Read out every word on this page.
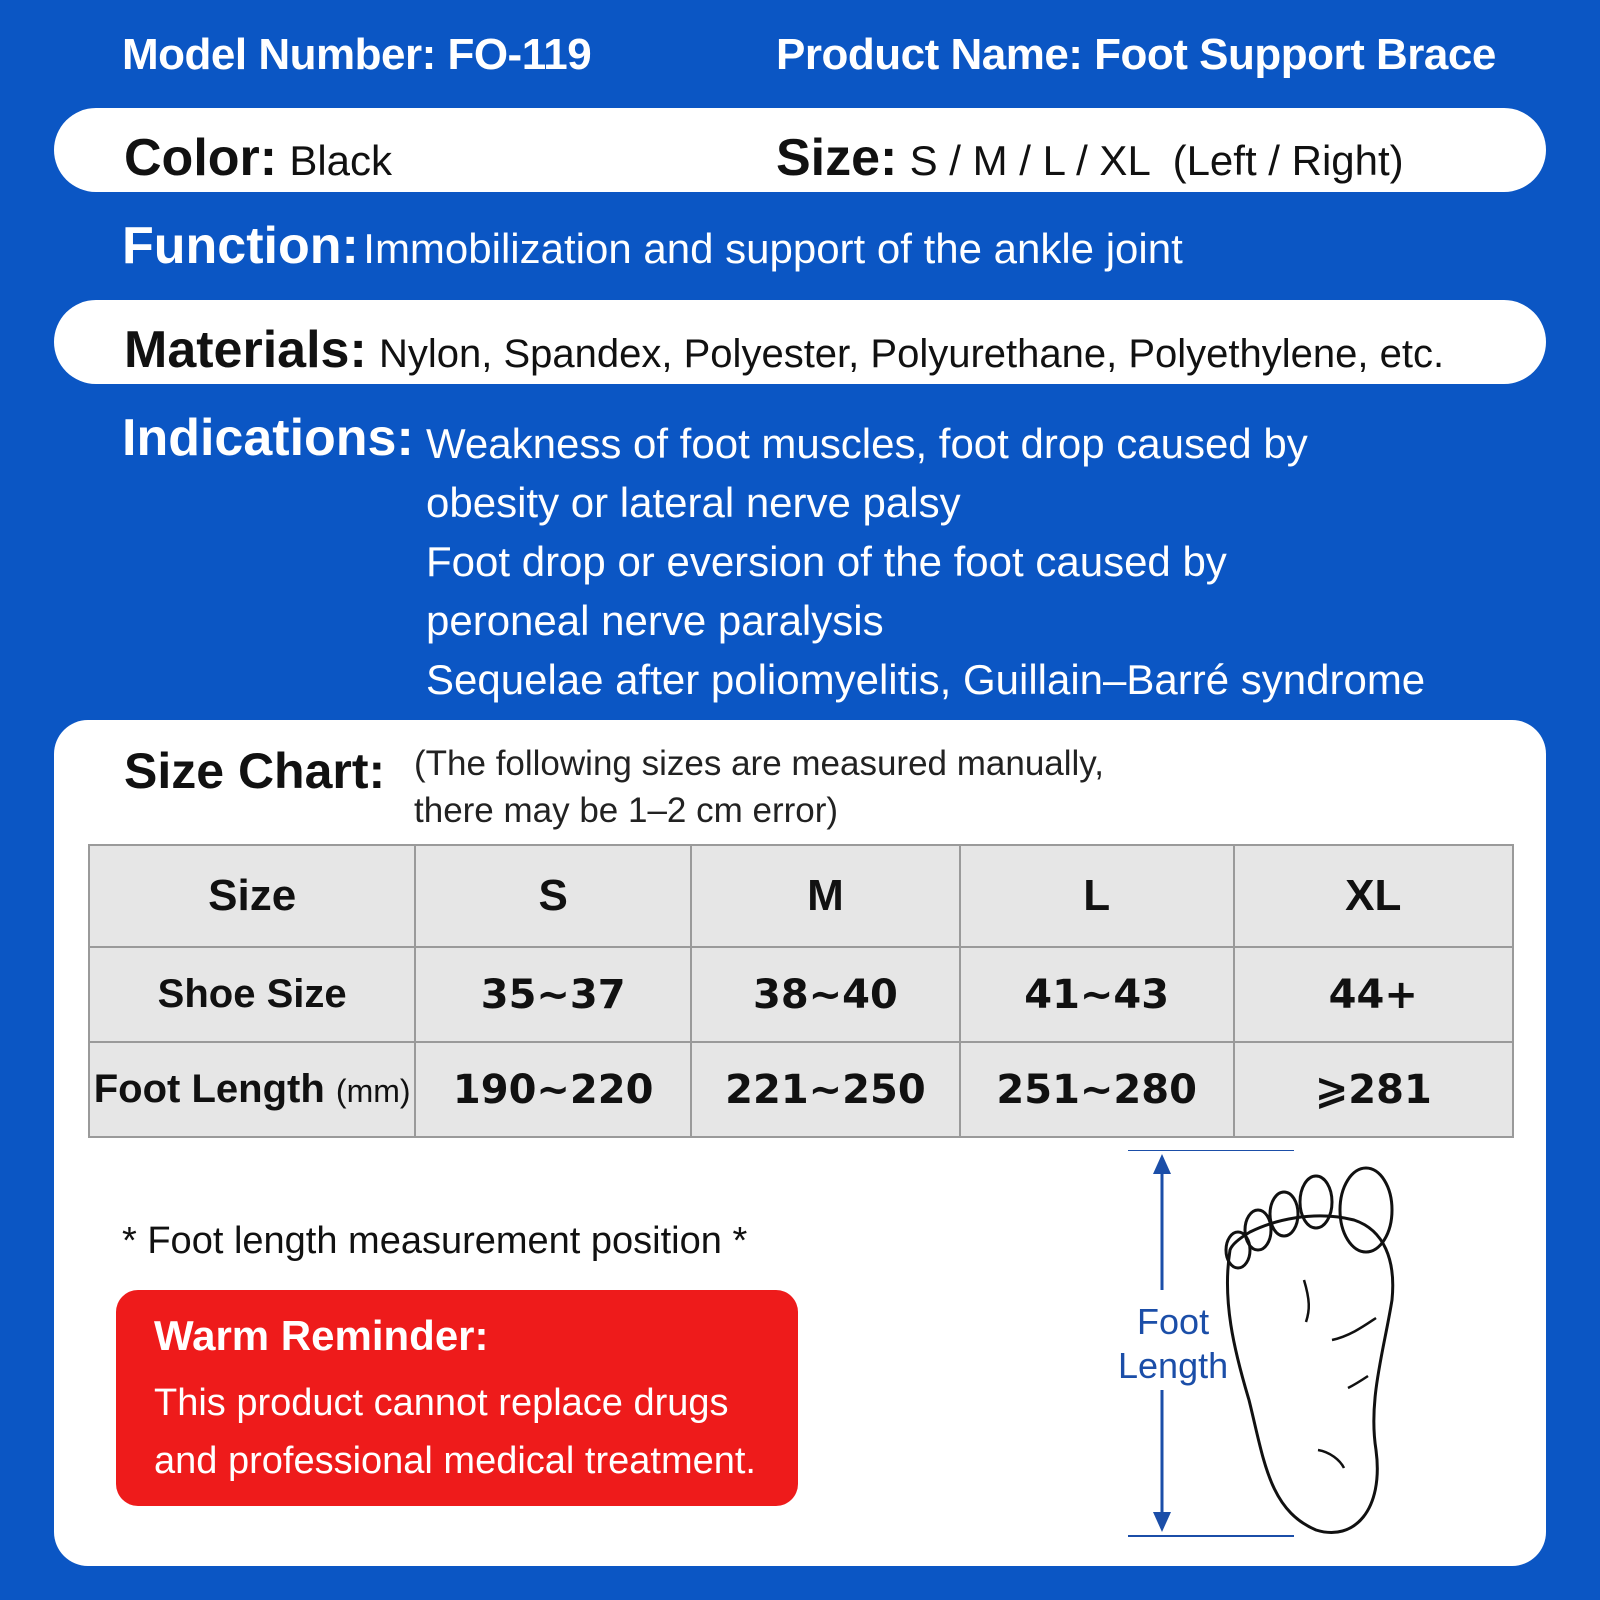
Model Number: FO-119	Product Name: Foot Support Brace
Color: Black	Size: S / M / L / XL  (Left / Right)
Function: Immobilization and support of the ankle joint
Materials: Nylon, Spandex, Polyester, Polyurethane, Polyethylene, etc.
Indications: Weakness of foot muscles, foot drop caused by
obesity or lateral nerve palsy
Foot drop or eversion of the foot caused by
peroneal nerve paralysis
Sequelae after poliomyelitis, Guillain–Barré syndrome
Size Chart: (The following sizes are measured manually,
there may be 1–2 cm error)
Size	S	M	L	XL
Shoe Size	35~37	38~40	41~43	44+
Foot Length (mm)	190~220	221~250	251~280	⩾281
* Foot length measurement position *
Warm Reminder:
This product cannot replace drugs
and professional medical treatment.
Foot
Length
